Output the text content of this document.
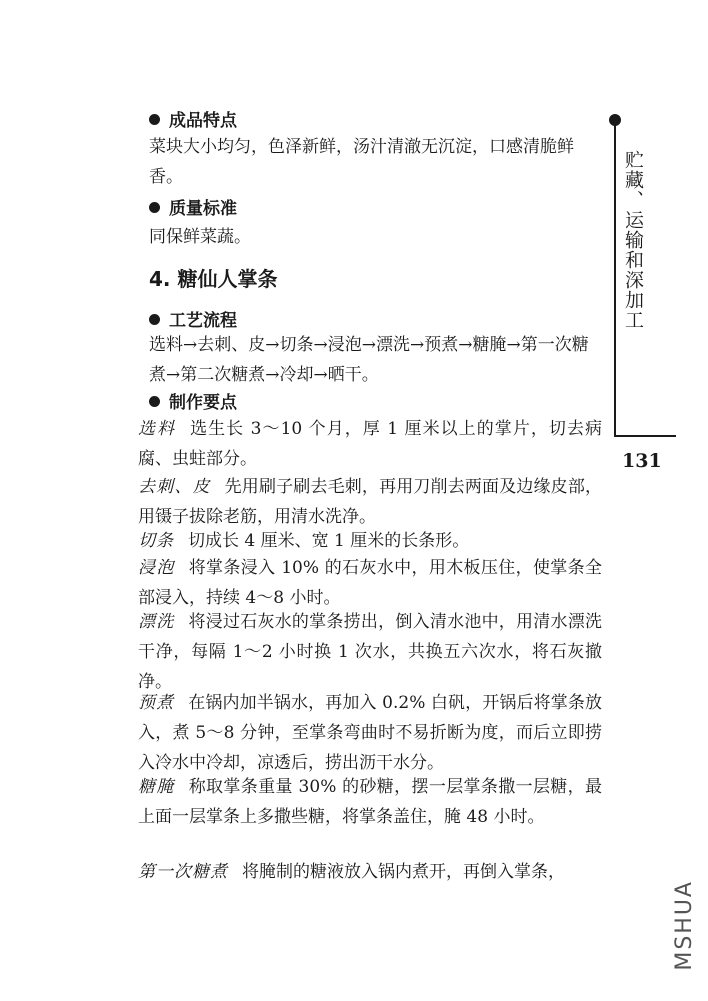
成品特点
菜块大小均匀，色泽新鲜，汤汁清澈无沉淀，口感清脆鲜香。
质量标准
同保鲜菜蔬。
4. 糖仙人掌条
工艺流程
选料→去刺、皮→切条→浸泡→漂洗→预煮→糖腌→第一次糖煮→第二次糖煮→冷却→晒干。
制作要点
选料 选生长 3～10 个月，厚 1 厘米以上的掌片，切去病腐、虫蛀部分。
去刺、皮 先用刷子刷去毛刺，再用刀削去两面及边缘皮部，用镊子拔除老筋，用清水洗净。
切条 切成长 4 厘米、宽 1 厘米的长条形。
浸泡 将掌条浸入 10% 的石灰水中，用木板压住，使掌条全部浸入，持续 4～8 小时。
漂洗 将浸过石灰水的掌条捞出，倒入清水池中，用清水漂洗干净，每隔 1～2 小时换 1 次水，共换五六次水，将石灰撤净。
预煮 在锅内加半锅水，再加入 0.2% 白矾，开锅后将掌条放入，煮 5～8 分钟，至掌条弯曲时不易折断为度，而后立即捞入冷水中冷却，凉透后，捞出沥干水分。
糖腌 称取掌条重量 30% 的砂糖，摆一层掌条撒一层糖，最上面一层掌条上多撒些糖，将掌条盖住，腌 48 小时。
第一次糖煮 将腌制的糖液放入锅内煮开，再倒入掌条，
贮藏、运输和深加工
131
MSHUA
